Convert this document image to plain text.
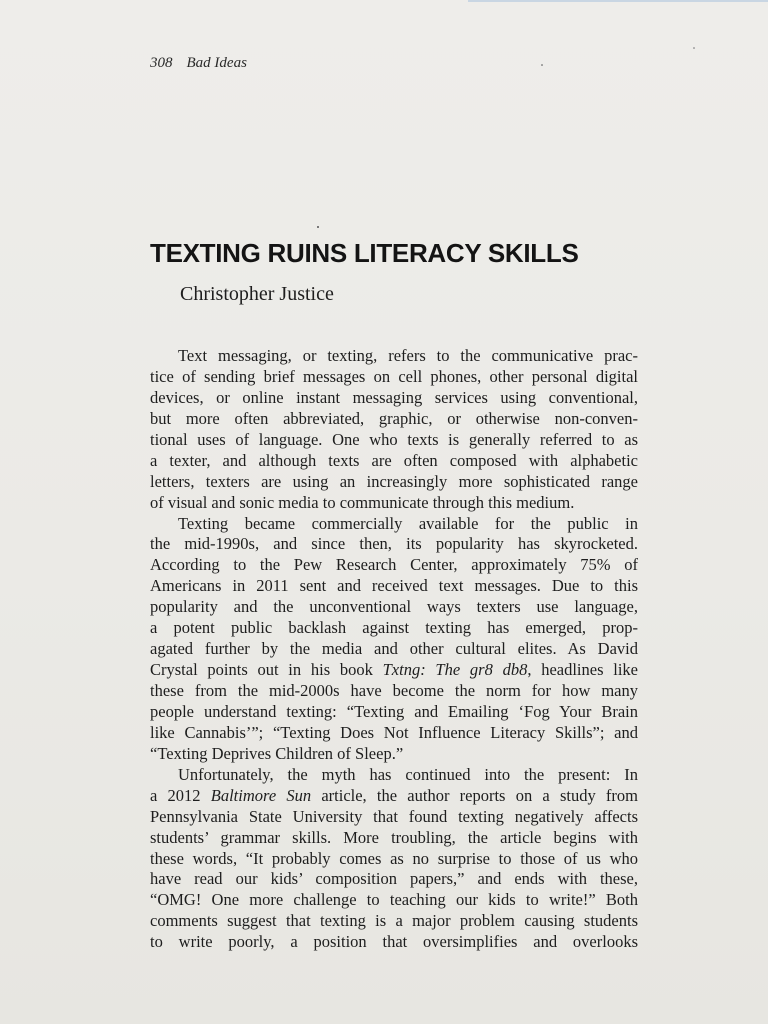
308 Bad Ideas
TEXTING RUINS LITERACY SKILLS

Christopher Justice

Text messaging, or texting, refers to the communicative prac-
tice of sending brief messages on cell phones, other personal digital
devices, or online instant messaging services using conventional,
but more often abbreviated, graphic, or otherwise non-conven-
tional uses of language. One who texts is generally referred to as
a texter, and although texts are often composed with alphabetic
letters, texters are using an increasingly more sophisticated range
of visual and sonic media to communicate through this medium.
Texting became commercially available for the public in
the mid-1990s, and since then, its popularity has skyrocketed.
According to the Pew Research Center, approximately 75% of
Americans in 2011 sent and received text messages. Due to this
popularity and the unconventional ways texters use language,
a potent public backlash against texting has emerged, prop-
agated further by the media and other cultural elites. As David
Crystal points out in his book Txtng: The gr8 db8, headlines like
these from the mid-2000s have become the norm for how many
people understand texting: “Texting and Emailing ‘Fog Your Brain
like Cannabis’”; “Texting Does Not Influence Literacy Skills”; and
“Texting Deprives Children of Sleep.”
Unfortunately, the myth has continued into the present: In
a 2012 Baltimore Sun article, the author reports on a study from
Pennsylvania State University that found texting negatively affects
students’ grammar skills. More troubling, the article begins with
these words, “It probably comes as no surprise to those of us who
have read our kids’ composition papers,” and ends with these,
“OMG! One more challenge to teaching our kids to write!” Both
comments suggest that texting is a major problem causing students
to write poorly, a position that oversimplifies and overlooks
